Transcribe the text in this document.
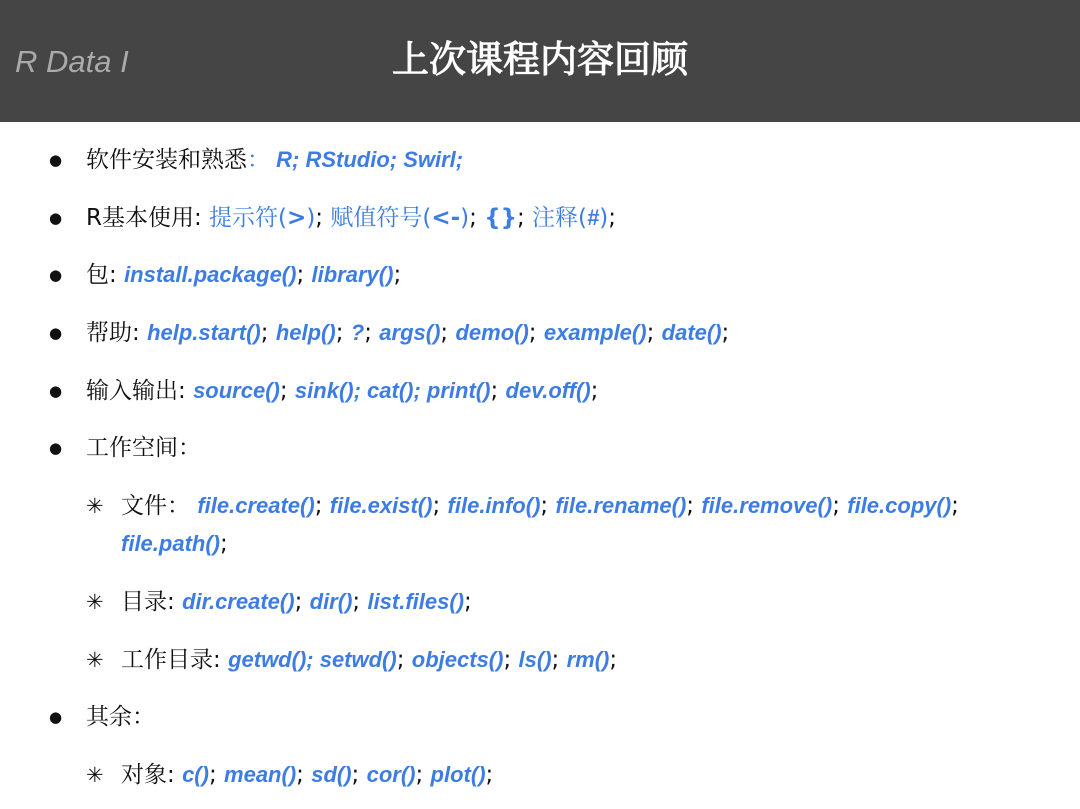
R Data I	上次课程内容回顾
● 软件安装和熟悉： R; RStudio; Swirl;
● R基本使用: 提示符(>); 赋值符号(<-); {}; 注释(#);
● 包: install.package(); library();
● 帮助: help.start(); help(); ?; args(); demo(); example(); date();
● 输入输出: source(); sink(); cat(); print(); dev.off();
● 工作空间：
✳ 文件： file.create(); file.exist(); file.info(); file.rename(); file.remove(); file.copy(); file.path();
✳ 目录: dir.create(); dir(); list.files();
✳ 工作目录: getwd(); setwd(); objects(); ls(); rm();
● 其余：
✳ 对象: c(); mean(); sd(); cor(); plot();
